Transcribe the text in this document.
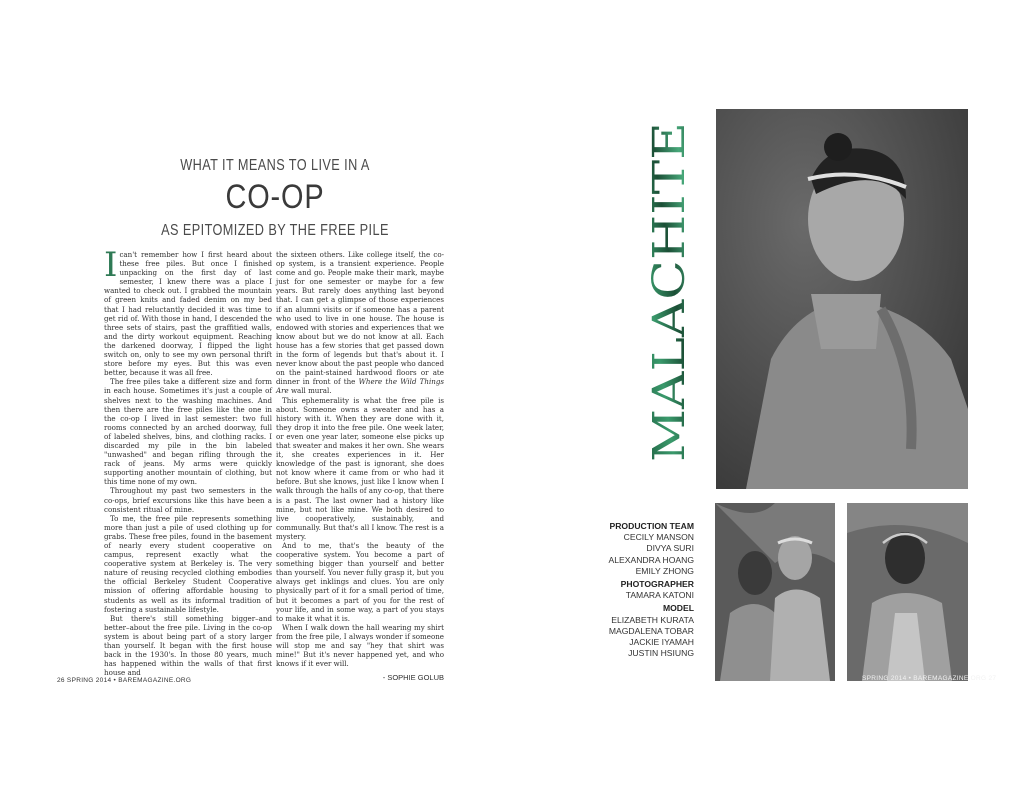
WHAT IT MEANS TO LIVE IN A
CO-OP
AS EPITOMIZED BY THE FREE PILE

Ican't remember how I first heard about these free piles. But once I finished unpacking on the first day of last semester, I knew there was a place I wanted to check out. I grabbed the mountain of green knits and faded denim on my bed that I had reluctantly decided it was time to get rid of. With those in hand, I descended the three sets of stairs, past the graffitied walls, and the dirty workout equipment. Reaching the darkened doorway, I flipped the light switch on, only to see my own personal thrift store before my eyes. But this was even better, because it was all free.

The free piles take a different size and form in each house. Sometimes it's just a couple of shelves next to the washing machines. And then there are the free piles like the one in the co-op I lived in last semester: two full rooms connected by an arched doorway, full of labeled shelves, bins, and clothing racks. I discarded my pile in the bin labeled "unwashed" and began rifling through the rack of jeans. My arms were quickly supporting another mountain of clothing, but this time none of my own.

Throughout my past two semesters in the co-ops, brief excursions like this have been a consistent ritual of mine.

To me, the free pile represents something more than just a pile of used clothing up for grabs. These free piles, found in the basement of nearly every student cooperative on campus, represent exactly what the cooperative system at Berkeley is. The very nature of reusing recycled clothing embodies the official Berkeley Student Cooperative mission of offering affordable housing to students as well as its informal tradition of fostering a sustainable lifestyle.

But there's still something bigger–and better–about the free pile. Living in the co-op system is about being part of a story larger than yourself. It began with the first house back in the 1930's. In those 80 years, much has happened within the walls of that first house and

the sixteen others. Like college itself, the co-op system, is a transient experience. People come and go. People make their mark, maybe just for one semester or maybe for a few years. But rarely does anything last beyond that. I can get a glimpse of those experiences if an alumni visits or if someone has a parent who used to live in one house. The house is endowed with stories and experiences that we know about but we do not know at all. Each house has a few stories that get passed down in the form of legends but that's about it. I never know about the past people who danced on the paint-stained hardwood floors or ate dinner in front of the Where the Wild Things Are wall mural.

This ephemerality is what the free pile is about. Someone owns a sweater and has a history with it. When they are done with it, they drop it into the free pile. One week later, or even one year later, someone else picks up that sweater and makes it her own. She wears it, she creates experiences in it. Her knowledge of the past is ignorant, she does not know where it came from or who had it before. But she knows, just like I know when I walk through the halls of any co-op, that there is a past. The last owner had a history like mine, but not like mine. We both desired to live cooperatively, sustainably, and communally. But that's all I know. The rest is a mystery.

And to me, that's the beauty of the cooperative system. You become a part of something bigger than yourself and better than yourself. You never fully grasp it, but you always get inklings and clues. You are only physically part of it for a small period of time, but it becomes a part of you for the rest of your life, and in some way, a part of you stays to make it what it is.

When I walk down the hall wearing my shirt from the free pile, I always wonder if someone will stop me and say "hey that shirt was mine!" But it's never happened yet, and who knows if it ever will.

- SOPHIE GOLUB
26 SPRING 2014 • BAREMAGAZINE.ORG
MALACHITE
PRODUCTION TEAM
CECILY MANSON
DIVYA SURI
ALEXANDRA HOANG
EMILY ZHONG
PHOTOGRAPHER
TAMARA KATONI
MODEL
ELIZABETH KURATA
MAGDALENA TOBAR
JACKIE IYAMAH
JUSTIN HSIUNG
SPRING 2014 • BAREMAGAZINE.ORG 27
